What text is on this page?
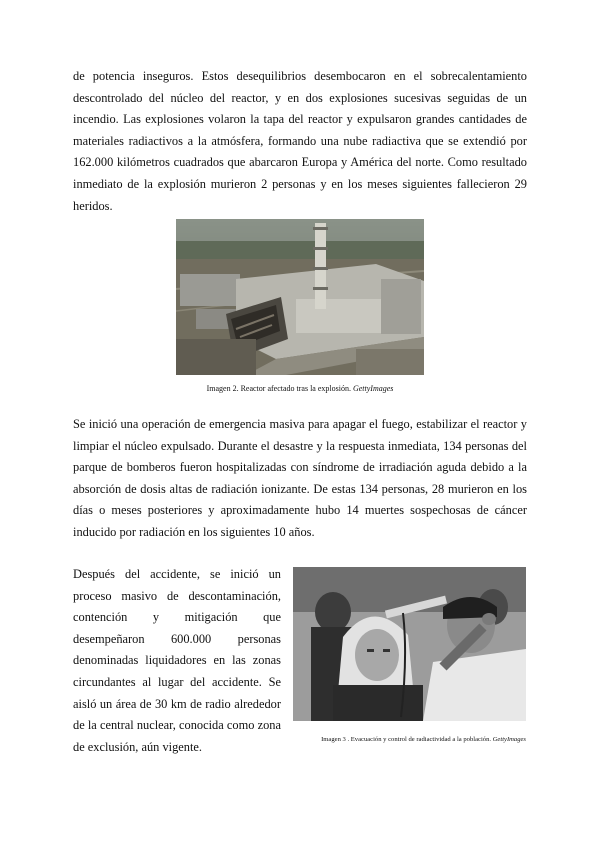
de potencia inseguros. Estos desequilibrios desembocaron en el sobrecalentamiento descontrolado del núcleo del reactor, y en dos explosiones sucesivas seguidas de un incendio. Las explosiones volaron la tapa del reactor y expulsaron grandes cantidades de materiales radiactivos a la atmósfera, formando una nube radiactiva que se extendió por 162.000 kilómetros cuadrados que abarcaron Europa y América del norte. Como resultado inmediato de la explosión murieron 2 personas y en los meses siguientes fallecieron 29 heridos.
Imagen 2. Reactor afectado tras la explosión. GettyImages
Se inició una operación de emergencia masiva para apagar el fuego, estabilizar el reactor y limpiar el núcleo expulsado. Durante el desastre y la respuesta inmediata, 134 personas del parque de bomberos fueron hospitalizadas con síndrome de irradiación aguda debido a la absorción de dosis altas de radiación ionizante. De estas 134 personas, 28 murieron en los días o meses posteriores y aproximadamente hubo 14 muertes sospechosas de cáncer inducido por radiación en los siguientes 10 años.
Después del accidente, se inició un proceso masivo de descontaminación, contención y mitigación que desempeñaron 600.000 personas denominadas liquidadores en las zonas circundantes al lugar del accidente. Se aisló un área de 30 km de radio alrededor de la central nuclear, conocida como zona de exclusión, aún vigente.
Imagen 3 . Evacuación y control de radiactividad a la población. GettyImages
